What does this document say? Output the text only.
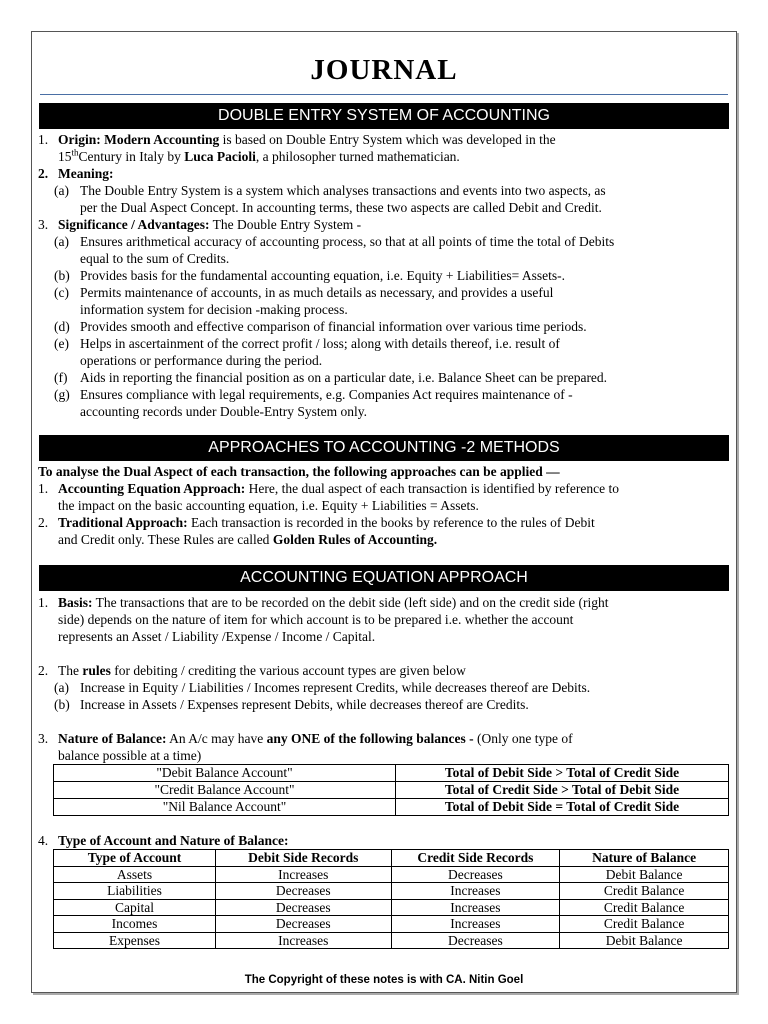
JOURNAL
DOUBLE ENTRY SYSTEM OF ACCOUNTING
1. Origin: Modern Accounting is based on Double Entry System which was developed in the
15thCentury in Italy by Luca Pacioli, a philosopher turned mathematician.
2. Meaning:
(a) The Double Entry System is a system which analyses transactions and events into two aspects, as
per the Dual Aspect Concept. In accounting terms, these two aspects are called Debit and Credit.
3. Significance / Advantages: The Double Entry System -
(a) Ensures arithmetical accuracy of accounting process, so that at all points of time the total of Debits
equal to the sum of Credits.
(b) Provides basis for the fundamental accounting equation, i.e. Equity + Liabilities= Assets-.
(c) Permits maintenance of accounts, in as much details as necessary, and provides a useful
information system for decision -making process.
(d) Provides smooth and effective comparison of financial information over various time periods.
(e) Helps in ascertainment of the correct profit / loss; along with details thereof, i.e. result of
operations or performance during the period.
(f) Aids in reporting the financial position as on a particular date, i.e. Balance Sheet can be prepared.
(g) Ensures compliance with legal requirements, e.g. Companies Act requires maintenance of -
accounting records under Double-Entry System only.
APPROACHES TO ACCOUNTING -2 METHODS
To analyse the Dual Aspect of each transaction, the following approaches can be applied —
1. Accounting Equation Approach: Here, the dual aspect of each transaction is identified by reference to
the impact on the basic accounting equation, i.e. Equity + Liabilities = Assets.
2. Traditional Approach: Each transaction is recorded in the books by reference to the rules of Debit
and Credit only. These Rules are called Golden Rules of Accounting.
ACCOUNTING EQUATION APPROACH
1. Basis: The transactions that are to be recorded on the debit side (left side) and on the credit side (right
side) depends on the nature of item for which account is to be prepared i.e. whether the account
represents an Asset / Liability /Expense / Income / Capital.
2. The rules for debiting / crediting the various account types are given below
(a) Increase in Equity / Liabilities / Incomes represent Credits, while decreases thereof are Debits.
(b) Increase in Assets / Expenses represent Debits, while decreases thereof are Credits.
3. Nature of Balance: An A/c may have any ONE of the following balances - (Only one type of
balance possible at a time)
"Debit Balance Account"	Total of Debit Side > Total of Credit Side
"Credit Balance Account"	Total of Credit Side > Total of Debit Side
"Nil Balance Account"	Total of Debit Side = Total of Credit Side
4. Type of Account and Nature of Balance:
Type of Account	Debit Side Records	Credit Side Records	Nature of Balance
Assets	Increases	Decreases	Debit Balance
Liabilities	Decreases	Increases	Credit Balance
Capital	Decreases	Increases	Credit Balance
Incomes	Decreases	Increases	Credit Balance
Expenses	Increases	Decreases	Debit Balance
The Copyright of these notes is with CA. Nitin Goel
